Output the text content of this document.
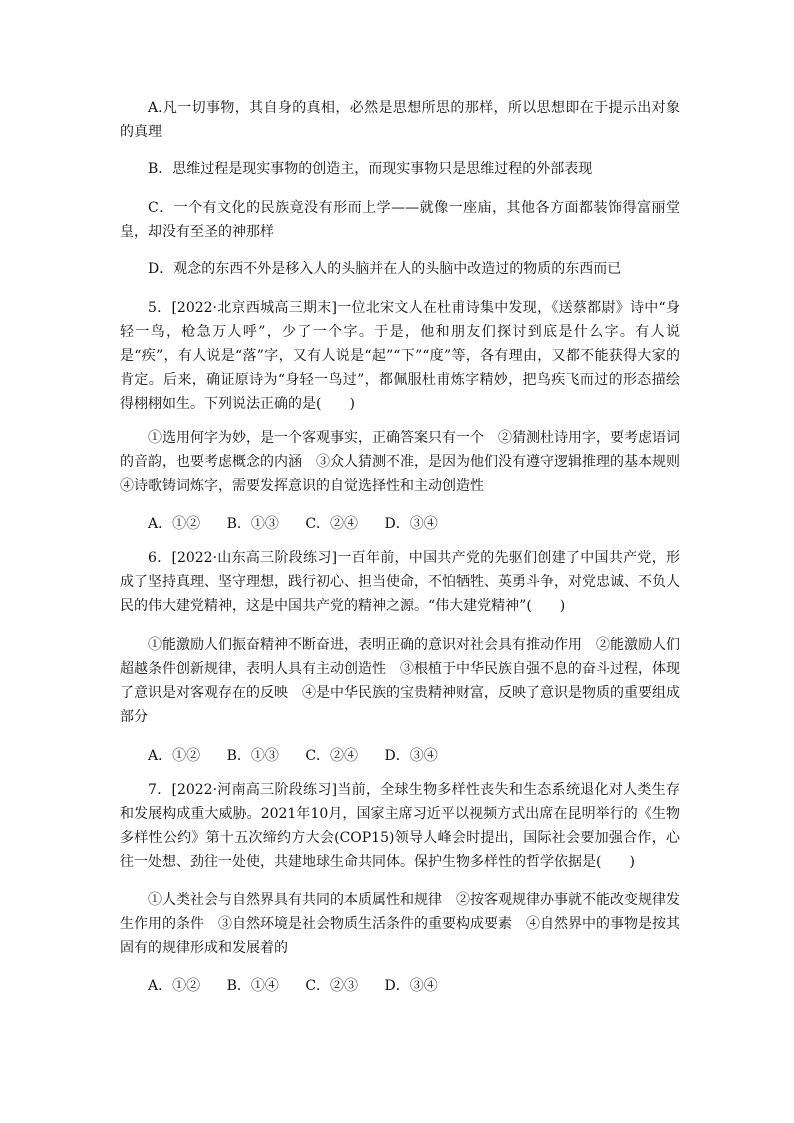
A.凡一切事物，其自身的真相，必然是思想所思的那样，所以思想即在于提示出对象的真理

B．思维过程是现实事物的创造主，而现实事物只是思维过程的外部表现

C．一个有文化的民族竟没有形而上学——就像一座庙，其他各方面都装饰得富丽堂皇，却没有至圣的神那样

D．观念的东西不外是移入人的头脑并在人的头脑中改造过的物质的东西而已

5．[2022·北京西城高三期末]一位北宋文人在杜甫诗集中发现，《送蔡都尉》诗中“身轻一鸟，枪急万人呼”，少了一个字。于是，他和朋友们探讨到底是什么字。有人说是“疾”，有人说是“落”字，又有人说是“起”“下”“度”等，各有理由，又都不能获得大家的肯定。后来，确证原诗为“身轻一鸟过”，都佩服杜甫炼字精妙，把鸟疾飞而过的形态描绘得栩栩如生。下列说法正确的是(　　)

①选用何字为妙，是一个客观事实，正确答案只有一个　②猜测杜诗用字，要考虑语词的音韵，也要考虑概念的内涵　③众人猜测不准，是因为他们没有遵守逻辑推理的基本规则　④诗歌铸词炼字，需要发挥意识的自觉选择性和主动创造性

A．①② B．①③ C．②④ D．③④

6．[2022·山东高三阶段练习]一百年前，中国共产党的先驱们创建了中国共产党，形成了坚持真理、坚守理想，践行初心、担当使命，不怕牺牲、英勇斗争，对党忠诚、不负人民的伟大建党精神，这是中国共产党的精神之源。“伟大建党精神”(　　)

①能激励人们振奋精神不断奋进，表明正确的意识对社会具有推动作用　②能激励人们超越条件创新规律，表明人具有主动创造性　③根植于中华民族自强不息的奋斗过程，体现了意识是对客观存在的反映　④是中华民族的宝贵精神财富，反映了意识是物质的重要组成部分

A．①② B．①③ C．②④ D．③④

7．[2022·河南高三阶段练习]当前，全球生物多样性丧失和生态系统退化对人类生存和发展构成重大威胁。2021年10月，国家主席习近平以视频方式出席在昆明举行的《生物多样性公约》第十五次缔约方大会(COP15)领导人峰会时提出，国际社会要加强合作，心往一处想、劲往一处使，共建地球生命共同体。保护生物多样性的哲学依据是(　　)

①人类社会与自然界具有共同的本质属性和规律　②按客观规律办事就不能改变规律发生作用的条件　③自然环境是社会物质生活条件的重要构成要素　④自然界中的事物是按其固有的规律形成和发展着的

A．①② B．①④ C．②③ D．③④
